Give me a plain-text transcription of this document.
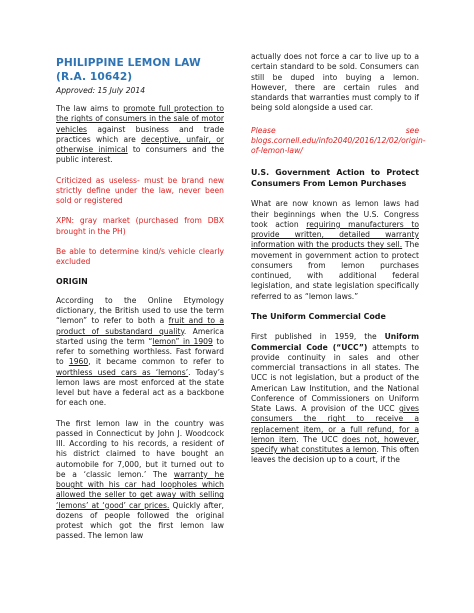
PHILIPPINE LEMON LAW (R.A. 10642)
Approved: 15 July 2014

The law aims to promote full protection to the rights of consumers in the sale of motor vehicles against business and trade practices which are deceptive, unfair, or otherwise inimical to consumers and the public interest.

Criticized as useless- must be brand new strictly define under the law, never been sold or registered

XPN: gray market (purchased from DBX brought in the PH)

Be able to determine kind/s vehicle clearly excluded

ORIGIN

According to the Online Etymology dictionary, the British used to use the term “lemon” to refer to both a fruit and to a product of substandard quality. America started using the term “lemon” in 1909 to refer to something worthless. Fast forward to 1960, it became common to refer to worthless used cars as ‘lemons’. Today’s lemon laws are most enforced at the state level but have a federal act as a backbone for each one.

The first lemon law in the country was passed in Connecticut by John J. Woodcock III. According to his records, a resident of his district claimed to have bought an automobile for 7,000, but it turned out to be a ‘classic lemon.’ The warranty he bought with his car had loopholes which allowed the seller to get away with selling ‘lemons’ at ‘good’ car prices. Quickly after, dozens of people followed the original protest which got the first lemon law passed. The lemon law

actually does not force a car to live up to a certain standard to be sold. Consumers can still be duped into buying a lemon. However, there are certain rules and standards that warranties must comply to if being sold alongside a used car.

Please see blogs.cornell.edu/info2040/2016/12/02/origin-of-lemon-law/

U.S. Government Action to Protect Consumers From Lemon Purchases

What are now known as lemon laws had their beginnings when the U.S. Congress took action requiring manufacturers to provide written, detailed warranty information with the products they sell. The movement in government action to protect consumers from lemon purchases continued, with additional federal legislation, and state legislation specifically referred to as “lemon laws.”

The Uniform Commercial Code

First published in 1959, the Uniform Commercial Code (“UCC”) attempts to provide continuity in sales and other commercial transactions in all states. The UCC is not legislation, but a product of the American Law Institution, and the National Conference of Commissioners on Uniform State Laws. A provision of the UCC gives consumers the right to receive a replacement item, or a full refund, for a lemon item. The UCC does not, however, specify what constitutes a lemon. This often leaves the decision up to a court, if the
